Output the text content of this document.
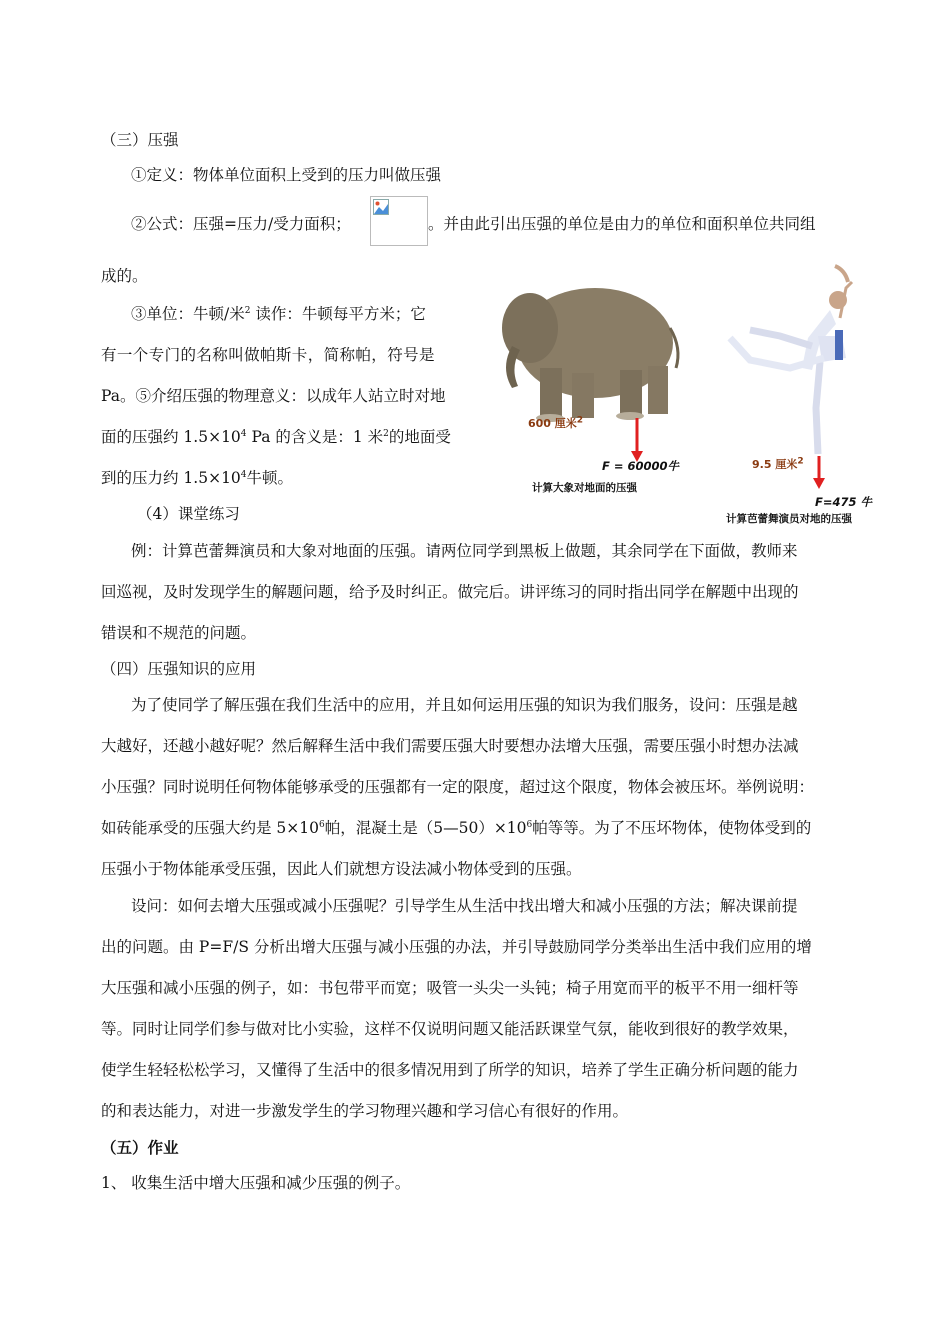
（三）压强
①定义：物体单位面积上受到的压力叫做压强
②公式：压强=压力/受力面积；	。并由此引出压强的单位是由力的单位和面积单位共同组
成的。
③单位：牛顿/米$^2$ 读作：牛顿每平方米；它
有一个专门的名称叫做帕斯卡，简称帕，符号是
Pa。⑤介绍压强的物理意义：以成年人站立时对地
面的压强约 $1.5\times 10^4$ Pa 的含义是：1 米$^2$的地面受
到的压力约 $1.5\times 10^4$牛顿。
600 厘米$^2$
F = 60000牛
计算大象对地面的压强
9.5 厘米$^2$
F=475 牛
计算芭蕾舞演员对地的压强
（4）课堂练习
例：计算芭蕾舞演员和大象对地面的压强。请两位同学到黑板上做题，其余同学在下面做，教师来
回巡视，及时发现学生的解题问题，给予及时纠正。做完后。讲评练习的同时指出同学在解题中出现的
错误和不规范的问题。
（四）压强知识的应用
为了使同学了解压强在我们生活中的应用，并且如何运用压强的知识为我们服务，设问：压强是越
大越好，还越小越好呢？然后解释生活中我们需要压强大时要想办法增大压强，需要压强小时想办法减
小压强？同时说明任何物体能够承受的压强都有一定的限度，超过这个限度，物体会被压坏。举例说明：
如砖能承受的压强大约是 $5\times 10^6$帕，混凝土是$(5—50)\times 10^6$帕等等。为了不压坏物体，使物体受到的
压强小于物体能承受压强，因此人们就想方设法减小物体受到的压强。
设问：如何去增大压强或减小压强呢？引导学生从生活中找出增大和减小压强的方法；解决课前提
出的问题。由 P=F/S 分析出增大压强与减小压强的办法，并引导鼓励同学分类举出生活中我们应用的增
大压强和减小压强的例子，如：书包带平而宽；吸管一头尖一头钝；椅子用宽而平的板平不用一细杆等
等。同时让同学们参与做对比小实验，这样不仅说明问题又能活跃课堂气氛，能收到很好的教学效果，
使学生轻轻松松学习，又懂得了生活中的很多情况用到了所学的知识，培养了学生正确分析问题的能力
的和表达能力，对进一步激发学生的学习物理兴趣和学习信心有很好的作用。
（五）作业
1、 收集生活中增大压强和减少压强的例子。
